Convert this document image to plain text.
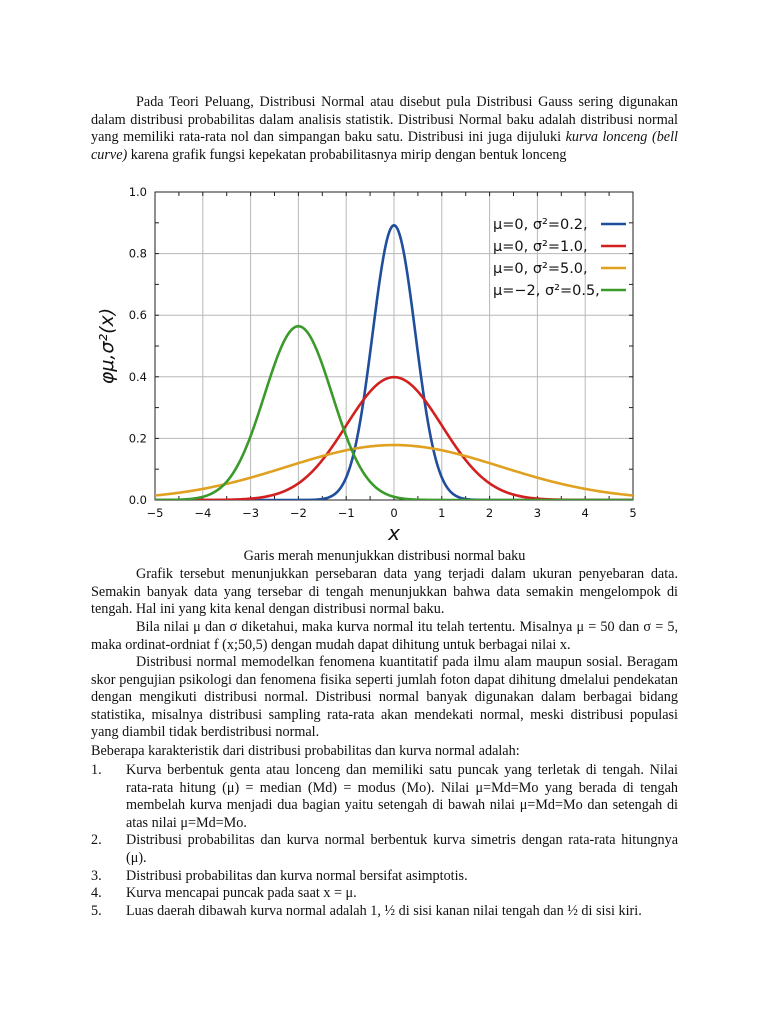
Pada Teori Peluang, Distribusi Normal atau disebut pula Distribusi Gauss sering digunakan dalam distribusi probabilitas dalam analisis statistik. Distribusi Normal baku adalah distribusi normal yang memiliki rata-rata nol dan simpangan baku satu. Distribusi ini juga dijuluki kurva lonceng (bell curve) karena grafik fungsi kepekatan probabilitasnya mirip dengan bentuk lonceng

−5	−4	−3	−2	−1	0	1	2	3	4	5
0.0
0.2
0.4
0.6
0.8
1.0
x
φμ,σ²(x)
μ=0, σ²=0.2,
μ=0, σ²=1.0,
μ=0, σ²=5.0,
μ=−2, σ²=0.5,
Garis merah menunjukkan distribusi normal baku

Grafik tersebut menunjukkan persebaran data yang terjadi dalam ukuran penyebaran data. Semakin banyak data yang tersebar di tengah menunjukkan bahwa data semakin mengelompok di tengah. Hal ini yang kita kenal dengan distribusi normal baku.

Bila nilai μ dan σ diketahui, maka kurva normal itu telah tertentu. Misalnya μ = 50 dan σ = 5, maka ordinat-ordniat f (x;50,5) dengan mudah dapat dihitung untuk berbagai nilai x.

Distribusi normal memodelkan fenomena kuantitatif pada ilmu alam maupun sosial. Beragam skor pengujian psikologi dan fenomena fisika seperti jumlah foton dapat dihitung dmelalui pendekatan dengan mengikuti distribusi normal. Distribusi normal banyak digunakan dalam berbagai bidang statistika, misalnya distribusi sampling rata-rata akan mendekati normal, meski distribusi populasi yang diambil tidak berdistribusi normal.

Beberapa karakteristik dari distribusi probabilitas dan kurva normal adalah:

1. Kurva berbentuk genta atau lonceng dan memiliki satu puncak yang terletak di tengah. Nilai rata-rata hitung (μ) = median (Md) = modus (Mo). Nilai μ=Md=Mo yang berada di tengah membelah kurva menjadi dua bagian yaitu setengah di bawah nilai μ=Md=Mo dan setengah di atas nilai μ=Md=Mo.
2. Distribusi probabilitas dan kurva normal berbentuk kurva simetris dengan rata-rata hitungnya (μ).
3. Distribusi probabilitas dan kurva normal bersifat asimptotis.
4. Kurva mencapai puncak pada saat x = μ.
5. Luas daerah dibawah kurva normal adalah 1, ½ di sisi kanan nilai tengah dan ½ di sisi kiri.
